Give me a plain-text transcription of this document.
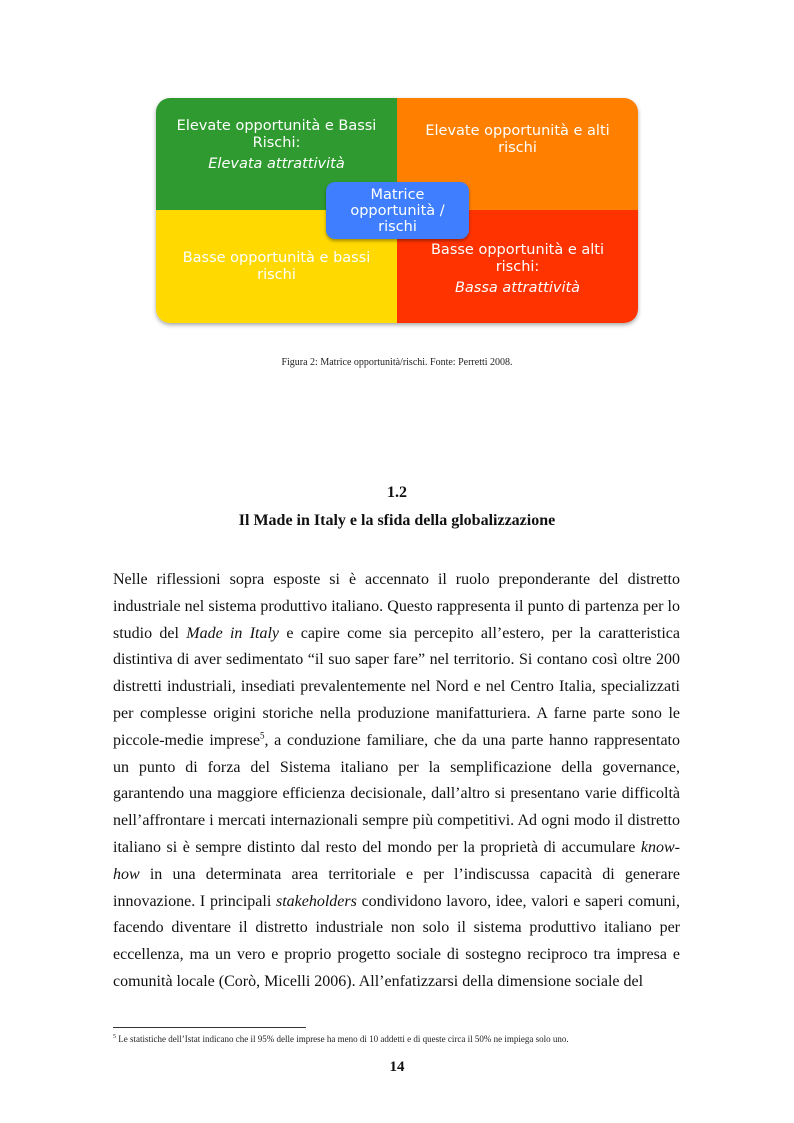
Elevate opportunità e Bassi Rischi:
Elevata attrattività
Elevate opportunità e alti rischi
Basse opportunità e bassi rischi
Basse opportunità e alti rischi:
Bassa attrattività
Matrice opportunità / rischi
Figura 2: Matrice opportunità/rischi. Fonte: Perretti 2008.
1.2
Il Made in Italy e la sfida della globalizzazione

Nelle riflessioni sopra esposte si è accennato il ruolo preponderante del distretto industriale nel sistema produttivo italiano. Questo rappresenta il punto di partenza per lo studio del Made in Italy e capire come sia percepito all’estero, per la caratteristica distintiva di aver sedimentato “il suo saper fare” nel territorio. Si contano così oltre 200 distretti industriali, insediati prevalentemente nel Nord e nel Centro Italia, specializzati per complesse origini storiche nella produzione manifatturiera. A farne parte sono le piccole-medie imprese$^5$, a conduzione familiare, che da una parte hanno rappresentato un punto di forza del Sistema italiano per la semplificazione della governance, garantendo una maggiore efficienza decisionale, dall’altro si presentano varie difficoltà nell’affrontare i mercati internazionali sempre più competitivi. Ad ogni modo il distretto italiano si è sempre distinto dal resto del mondo per la proprietà di accumulare know-how in una determinata area territoriale e per l’indiscussa capacità di generare innovazione. I principali stakeholders condividono lavoro, idee, valori e saperi comuni, facendo diventare il distretto industriale non solo il sistema produttivo italiano per eccellenza, ma un vero e proprio progetto sociale di sostegno reciproco tra impresa e comunità locale (Corò, Micelli 2006). All’enfatizzarsi della dimensione sociale del

$^5$ Le statistiche dell’Istat indicano che il 95% delle imprese ha meno di 10 addetti e di queste circa il 50% ne impiega solo uno.
14
